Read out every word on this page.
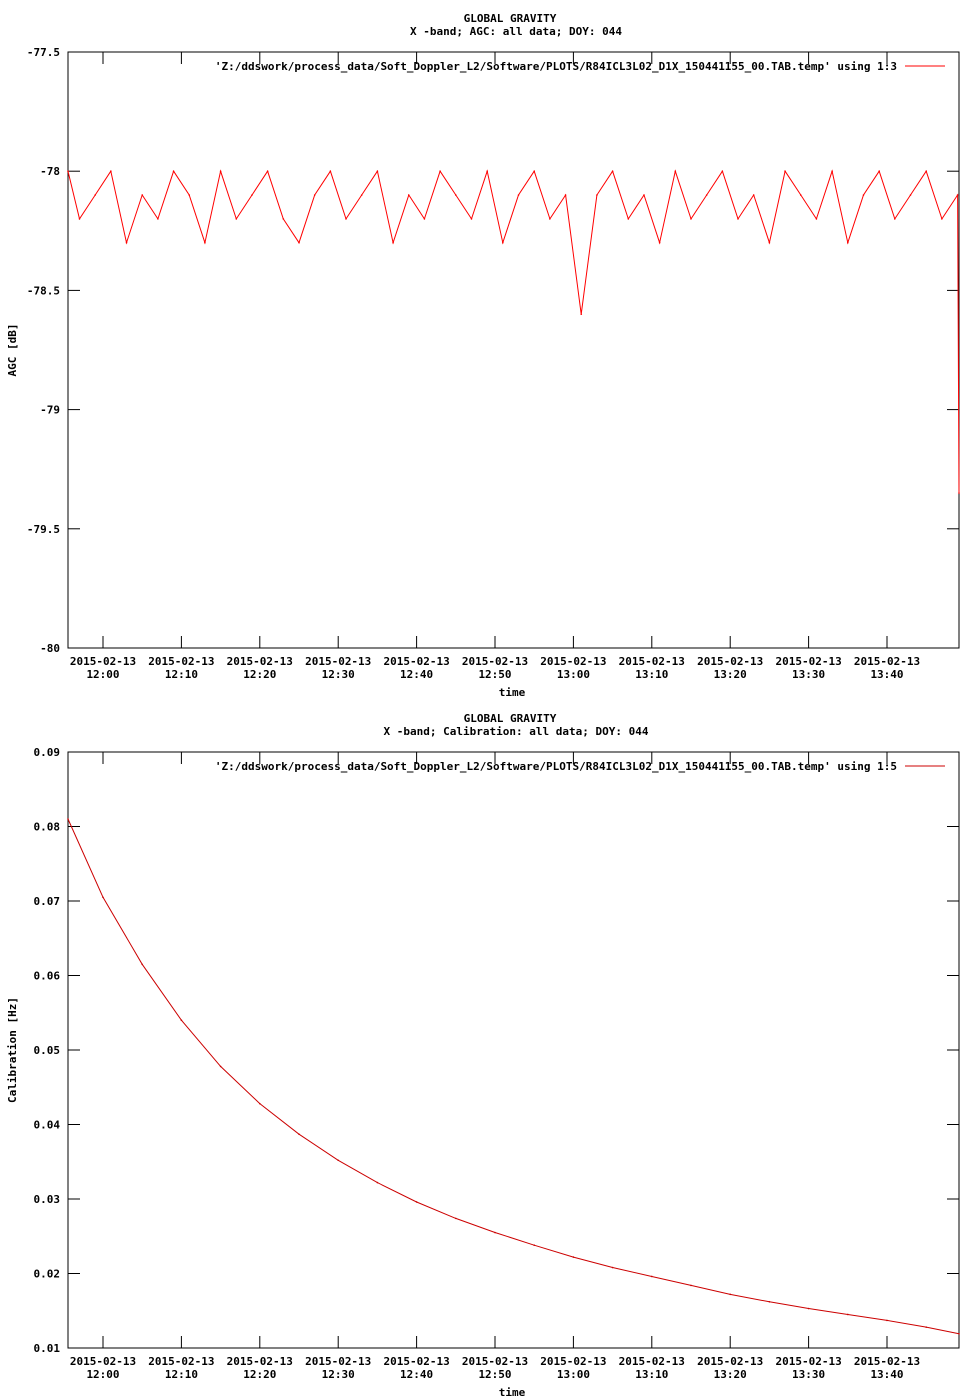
GLOBAL GRAVITY
X -band; AGC: all data; DOY: 044
'Z:/ddswork/process_data/Soft_Doppler_L2/Software/PLOTS/R84ICL3L02_D1X_150441155_00.TAB.temp' using 1:3
-77.5
-78
-78.5
-79
-79.5
-80
2015-02-13
12:00
2015-02-13
12:10
2015-02-13
12:20
2015-02-13
12:30
2015-02-13
12:40
2015-02-13
12:50
2015-02-13
13:00
2015-02-13
13:10
2015-02-13
13:20
2015-02-13
13:30
2015-02-13
13:40
AGC [dB]
time
GLOBAL GRAVITY
X -band; Calibration: all data; DOY: 044
'Z:/ddswork/process_data/Soft_Doppler_L2/Software/PLOTS/R84ICL3L02_D1X_150441155_00.TAB.temp' using 1:5
0.09
0.08
0.07
0.06
0.05
0.04
0.03
0.02
0.01
2015-02-13
12:00
2015-02-13
12:10
2015-02-13
12:20
2015-02-13
12:30
2015-02-13
12:40
2015-02-13
12:50
2015-02-13
13:00
2015-02-13
13:10
2015-02-13
13:20
2015-02-13
13:30
2015-02-13
13:40
Calibration [Hz]
time
